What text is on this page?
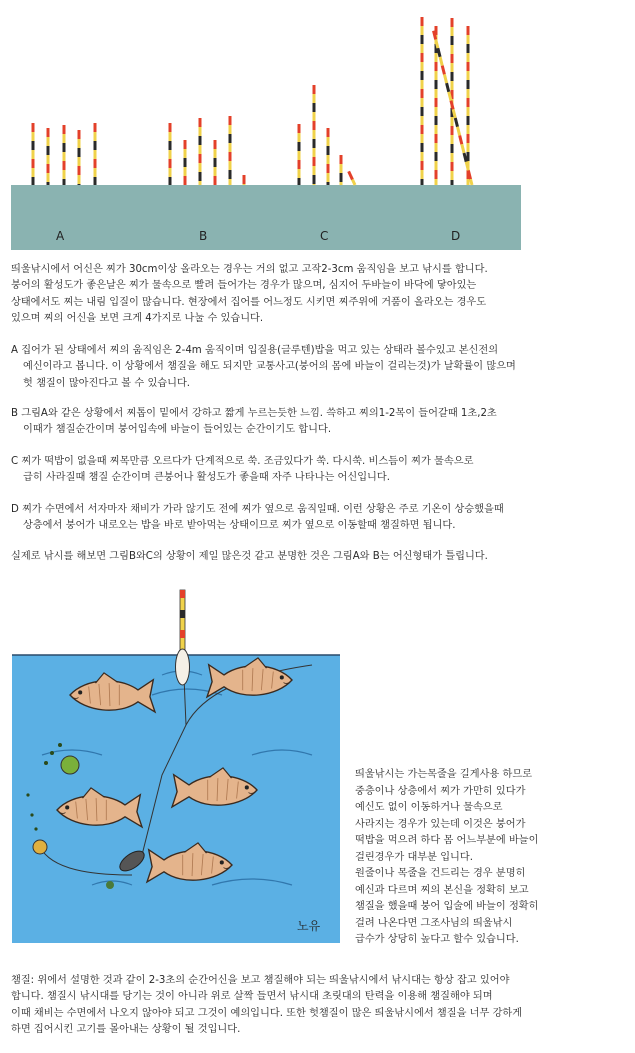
A	B	C	D
띄울낚시에서 어신은 찌가 30cm이상 올라오는 경우는 거의 없고 고작2-3cm 움직임을 보고 낚시를 합니다.
붕어의 활성도가 좋은날은 찌가 물속으로 빨려 들어가는 경우가 많으며, 심지어 두바늘이 바닥에 닿아있는
상태에서도 찌는 내림 입질이 많습니다. 현장에서 집어를 어느정도 시키면 찌주위에 거품이 올라오는 경우도
있으며 찌의 어신을 보면 크게 4가지로 나눌 수 있습니다.
A 집어가 된 상태에서 찌의 움직임은 2-4m 움직이며 입질용(글루텐)밥을 먹고 있는 상태라 볼수있고 본신전의
예신이라고 봅니다. 이 상황에서 챔질을 해도 되지만 교통사고(붕어의 몸에 바늘이 걸리는것)가 날확률이 많으며
헛 챔질이 많아진다고 볼 수 있습니다.
B 그림A와 같은 상황에서 찌톱이 밑에서 강하고 짧게 누르는듯한 느낌. 쓱하고 찌의1-2목이 들어갈때 1초,2초
이때가 챔질순간이며 붕어입속에 바늘이 들어있는 순간이기도 합니다.
C 찌가 떡밥이 없을때 찌목만큼 오르다가 단계적으로 쑥. 조금있다가 쑥. 다시쑥. 비스듬이 찌가 물속으로
급히 사라질때 챔질 순간이며 큰붕어나 활성도가 좋을때 자주 나타나는 어신입니다.
D 찌가 수면에서 서자마자 채비가 가라 않기도 전에 찌가 옆으로 움직일때. 이런 상황은 주로 기온이 상승했을때
상층에서 붕어가 내로오는 밥을 바로 받아먹는 상태이므로 찌가 옆으로 이동할때 챔질하면 됩니다.
실제로 낚시를 해보면 그림B와C의 상황이 제일 많은것 같고 분명한 것은 그림A와 B는 어신형태가 틀립니다.
노유
띄울낚시는 가는목줄을 길게사용 하므로
중층이나 상층에서 찌가 가만히 있다가
예신도 없이 이동하거나 물속으로
사라지는 경우가 있는데 이것은 붕어가
떡밥을 먹으려 하다 몸 어느부분에 바늘이
걸린경우가 대부분 입니다.
원줄이나 목줄을 건드리는 경우 분명히
예신과 다르며 찌의 본신을 정확히 보고
챔질을 했을때 붕어 입술에 바늘이 정확히
걸려 나온다면 그조사님의 띄울낚시
급수가 상당히 높다고 할수 있습니다.
챔질: 위에서 설명한 것과 같이 2-3초의 순간어신을 보고 챔질해야 되는 띄울낚시에서 낚시대는 항상 잡고 있어야
합니다. 챔질시 낚시대를 당기는 것이 아니라 위로 살짝 들면서 낚시대 초릿대의 탄력을 이용해 챔질해야 되며
이때 채비는 수면에서 나오지 않아야 되고 그것이 예의입니다. 또한 헛챔질이 많은 띄울낚시에서 챔질을 너무 강하게
하면 집어시킨 고기를 몰아내는 상황이 될 것입니다.
